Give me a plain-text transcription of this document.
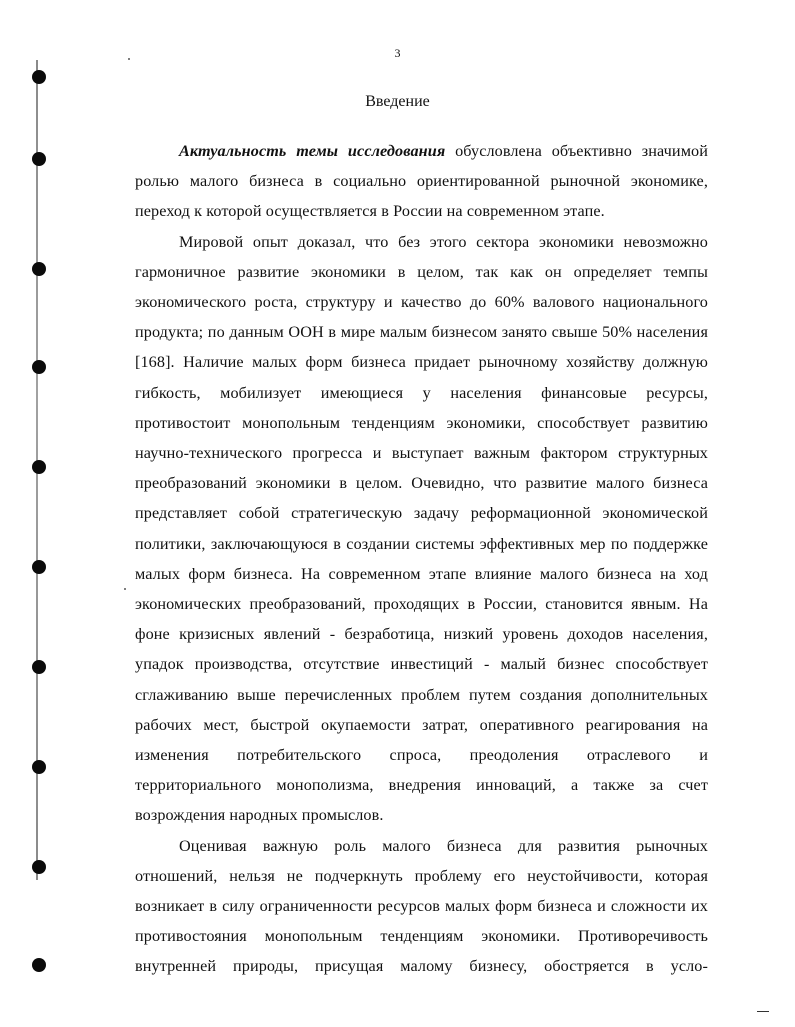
3
Введение

Актуальность темы исследования обусловлена объективно значимой ролью малого бизнеса в социально ориентированной рыночной экономике, переход к которой осуществляется в России на современном этапе.

Мировой опыт доказал, что без этого сектора экономики невозможно гармоничное развитие экономики в целом, так как он определяет темпы экономического роста, структуру и качество до 60% валового национального продукта; по данным ООН в мире малым бизнесом занято свыше 50% населения [168]. Наличие малых форм бизнеса придает рыночному хозяйству должную гибкость, мобилизует имеющиеся у населения финансовые ресурсы, противостоит монопольным тенденциям экономики, способствует развитию научно-технического прогресса и выступает важным фактором структурных преобразований экономики в целом. Очевидно, что развитие малого бизнеса представляет собой стратегическую задачу реформационной экономической политики, заключающуюся в создании системы эффективных мер по поддержке малых форм бизнеса. На современном этапе влияние малого бизнеса на ход экономических преобразований, проходящих в России, становится явным. На фоне кризисных явлений - безработица, низкий уровень доходов населения, упадок производства, отсутствие инвестиций - малый бизнес способствует сглаживанию выше перечисленных проблем путем создания дополнительных рабочих мест, быстрой окупаемости затрат, оперативного реагирования на изменения потребительского спроса, преодоления отраслевого и территориального монополизма, внедрения инноваций, а также за счет возрождения народных промыслов.

Оценивая важную роль малого бизнеса для развития рыночных отношений, нельзя не подчеркнуть проблему его неустойчивости, которая возникает в силу ограниченности ресурсов малых форм бизнеса и сложности их противостояния монопольным тенденциям экономики. Противоречивость внутренней природы, присущая малому бизнесу, обостряется в усло-
